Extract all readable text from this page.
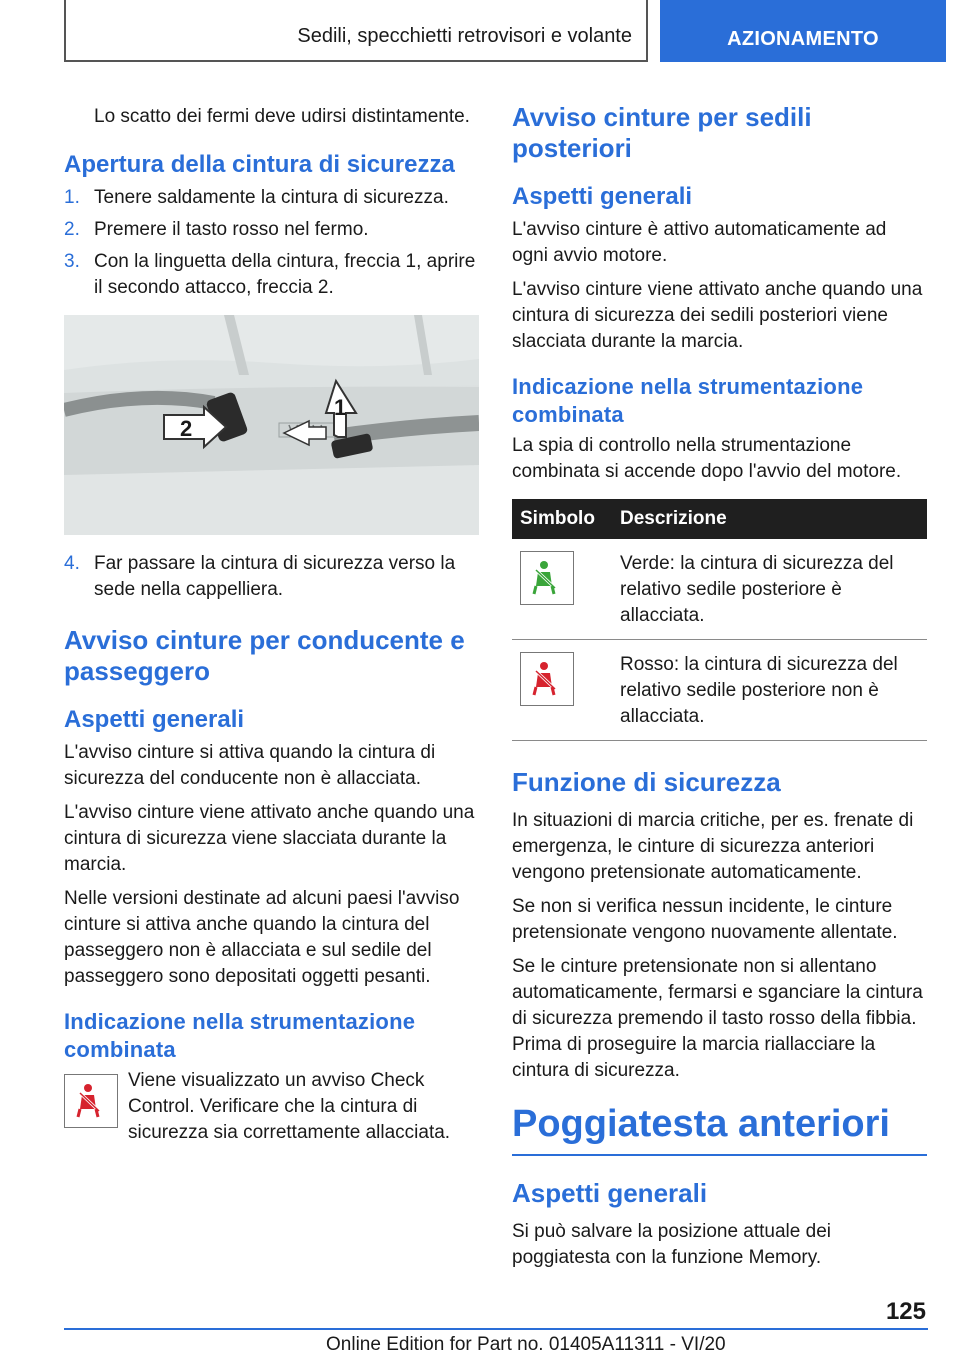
Sedili, specchietti retrovisori e volante	AZIONAMENTO

Lo scatto dei fermi deve udirsi distintamente.

Apertura della cintura di sicurezza
1. Tenere saldamente la cintura di sicurezza.
2. Premere il tasto rosso nel fermo.
3. Con la linguetta della cintura, freccia 1, aprire il secondo attacco, freccia 2.
1
2
4. Far passare la cintura di sicurezza verso la sede nella cappelliera.
Avviso cinture per conducente e passeggero
Aspetti generali

L'avviso cinture si attiva quando la cintura di sicurezza del conducente non è allacciata.

L'avviso cinture viene attivato anche quando una cintura di sicurezza viene slacciata durante la marcia.

Nelle versioni destinate ad alcuni paesi l'avviso cinture si attiva anche quando la cintura del passeggero non è allacciata e sul sedile del passeggero sono depositati oggetti pesanti.

Indicazione nella strumentazione combinata

Viene visualizzato un avviso Check Control. Verificare che la cintura di sicurezza sia correttamente allacciata.

Avviso cinture per sedili posteriori
Aspetti generali

L'avviso cinture è attivo automaticamente ad ogni avvio motore.

L'avviso cinture viene attivato anche quando una cintura di sicurezza dei sedili posteriori viene slacciata durante la marcia.

Indicazione nella strumentazione combinata

La spia di controllo nella strumentazione combinata si accende dopo l'avvio del motore.

Simbolo	Descrizione

	Verde: la cintura di sicurezza del relativo sedile posteriore è allacciata.

	Rosso: la cintura di sicurezza del relativo sedile posteriore non è allacciata.
Funzione di sicurezza

In situazioni di marcia critiche, per es. frenate di emergenza, le cinture di sicurezza anteriori vengono pretensionate automaticamente.

Se non si verifica nessun incidente, le cinture pretensionate vengono nuovamente allentate.

Se le cinture pretensionate non si allentano automaticamente, fermarsi e sganciare la cintura di sicurezza premendo il tasto rosso della fibbia. Prima di proseguire la marcia riallacciare la cintura di sicurezza.

Poggiatesta anteriori
Aspetti generali

Si può salvare la posizione attuale dei poggiatesta con la funzione Memory.

125
Online Edition for Part no. 01405A11311 - VI/20
